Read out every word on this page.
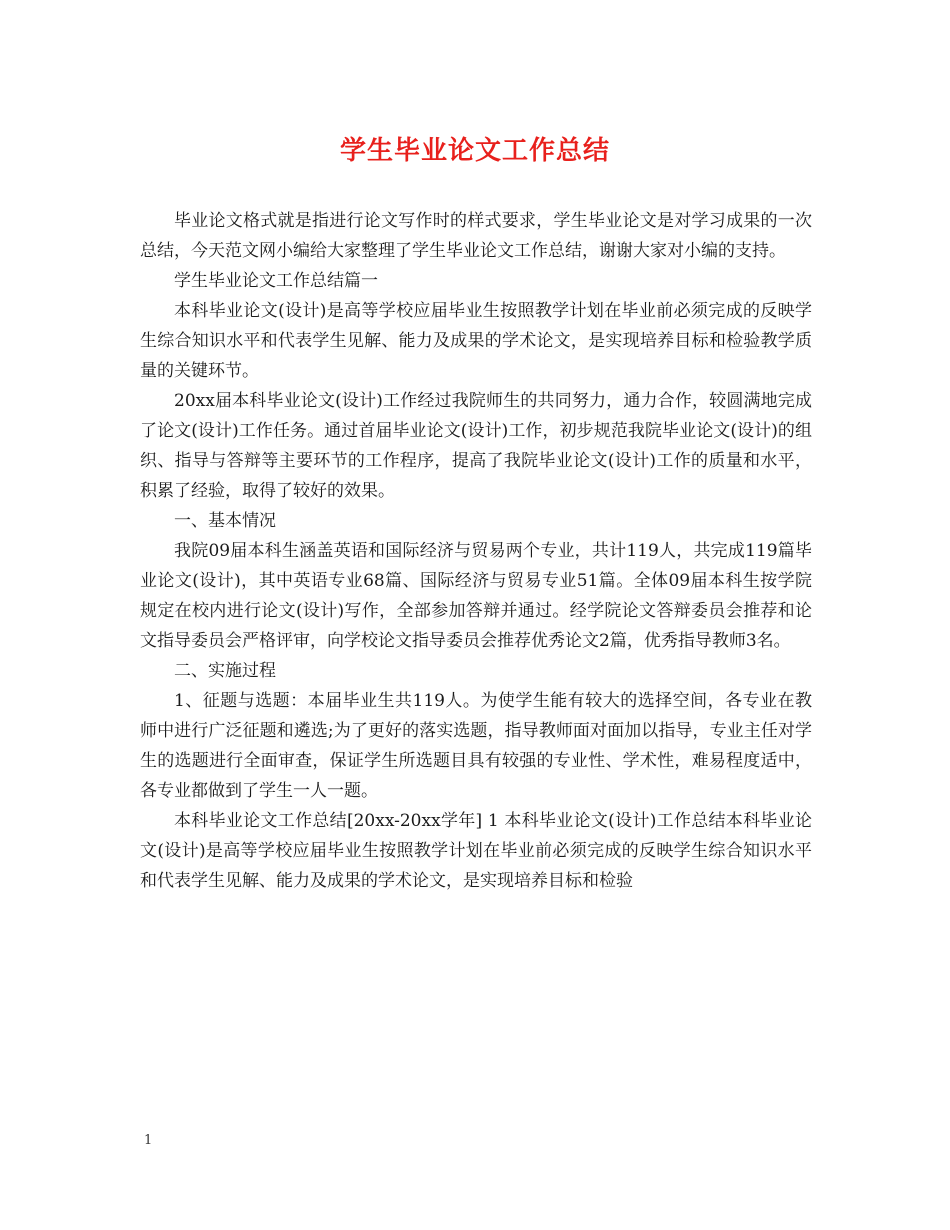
学生毕业论文工作总结

毕业论文格式就是指进行论文写作时的样式要求，学生毕业论文是对学习成果的一次总结，今天范文网小编给大家整理了学生毕业论文工作总结，谢谢大家对小编的支持。

学生毕业论文工作总结篇一

本科毕业论文(设计)是高等学校应届毕业生按照教学计划在毕业前必须完成的反映学生综合知识水平和代表学生见解、能力及成果的学术论文，是实现培养目标和检验教学质量的关键环节。

20xx届本科毕业论文(设计)工作经过我院师生的共同努力，通力合作，较圆满地完成了论文(设计)工作任务。通过首届毕业论文(设计)工作，初步规范我院毕业论文(设计)的组织、指导与答辩等主要环节的工作程序，提高了我院毕业论文(设计)工作的质量和水平，积累了经验，取得了较好的效果。

一、基本情况

我院09届本科生涵盖英语和国际经济与贸易两个专业，共计119人，共完成119篇毕业论文(设计)，其中英语专业68篇、国际经济与贸易专业51篇。全体09届本科生按学院规定在校内进行论文(设计)写作，全部参加答辩并通过。经学院论文答辩委员会推荐和论文指导委员会严格评审，向学校论文指导委员会推荐优秀论文2篇，优秀指导教师3名。

二、实施过程

1、征题与选题：本届毕业生共119人。为使学生能有较大的选择空间，各专业在教师中进行广泛征题和遴选;为了更好的落实选题，指导教师面对面加以指导，专业主任对学生的选题进行全面审查，保证学生所选题目具有较强的专业性、学术性，难易程度适中，各专业都做到了学生一人一题。

本科毕业论文工作总结[20xx-20xx学年] 1 本科毕业论文(设计)工作总结本科毕业论文(设计)是高等学校应届毕业生按照教学计划在毕业前必须完成的反映学生综合知识水平和代表学生见解、能力及成果的学术论文，是实现培养目标和检验

1
